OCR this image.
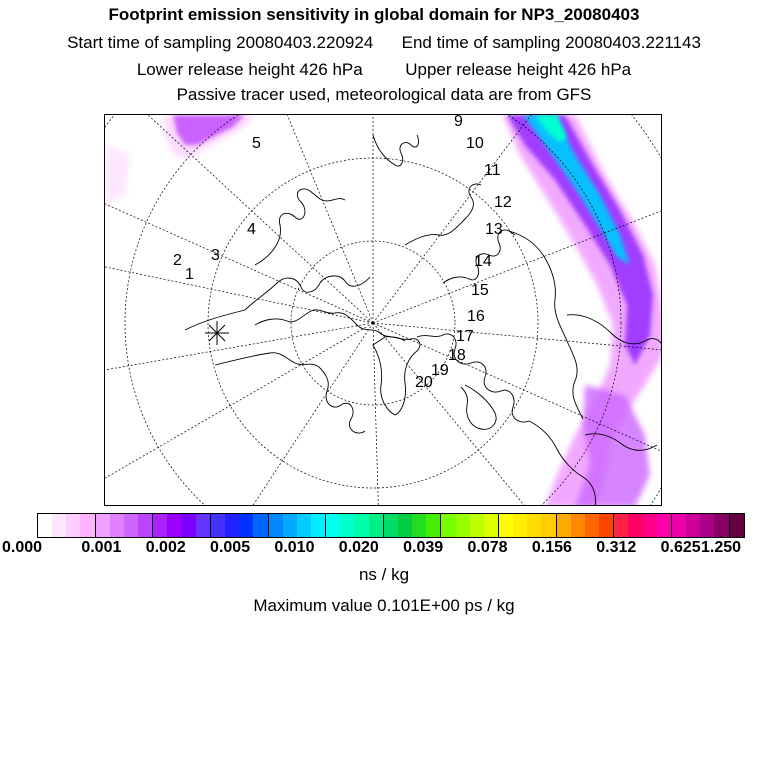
Footprint emission sensitivity in global domain for NP3_20080403
Start time of sampling 20080403.220924 End time of sampling 20080403.221143
Lower release height 426 hPa	Upper release height 426 hPa
Passive tracer used, meteorological data are from GFS
1
2 3
4
5
9
10
11
12
13
14
15
16
17
18
19
20
0.000 0.001 0.002 0.005 0.010 0.020 0.039 0.078 0.156 0.312 0.625 1.250
ns / kg
Maximum value 0.101E+00 ps / kg
